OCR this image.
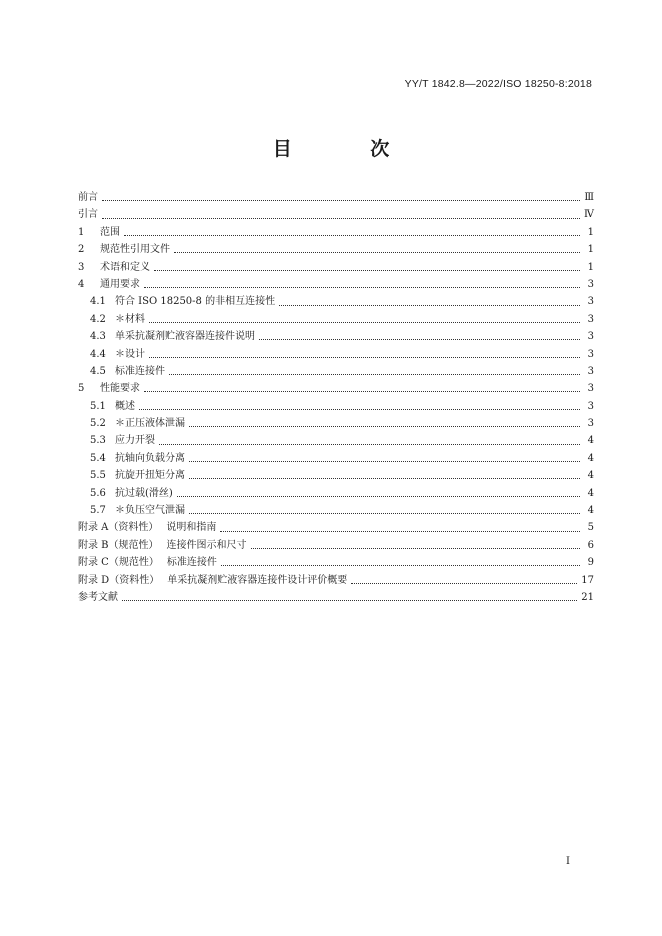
YY/T 1842.8—2022/ISO 18250-8:2018
目 次
前言	Ⅲ
引言	Ⅳ
1	范围	1
2	规范性引用文件	1
3	术语和定义	1
4	通用要求	3
4.1 符合 ISO 18250-8 的非相互连接性	3
4.2 ＊材料	3
4.3 单采抗凝剂贮液容器连接件说明	3
4.4 ＊设计	3
4.5 标准连接件	3
5	性能要求	3
5.1 概述	3
5.2 ＊正压液体泄漏	3
5.3 应力开裂	4
5.4 抗轴向负载分离	4
5.5 抗旋开扭矩分离	4
5.6 抗过载(滑丝)	4
5.7 ＊负压空气泄漏	4
附录 A（资料性） 说明和指南	5
附录 B（规范性） 连接件图示和尺寸	6
附录 C（规范性） 标准连接件	9
附录 D（资料性） 单采抗凝剂贮液容器连接件设计评价概要	17
参考文献	21
Ⅰ
